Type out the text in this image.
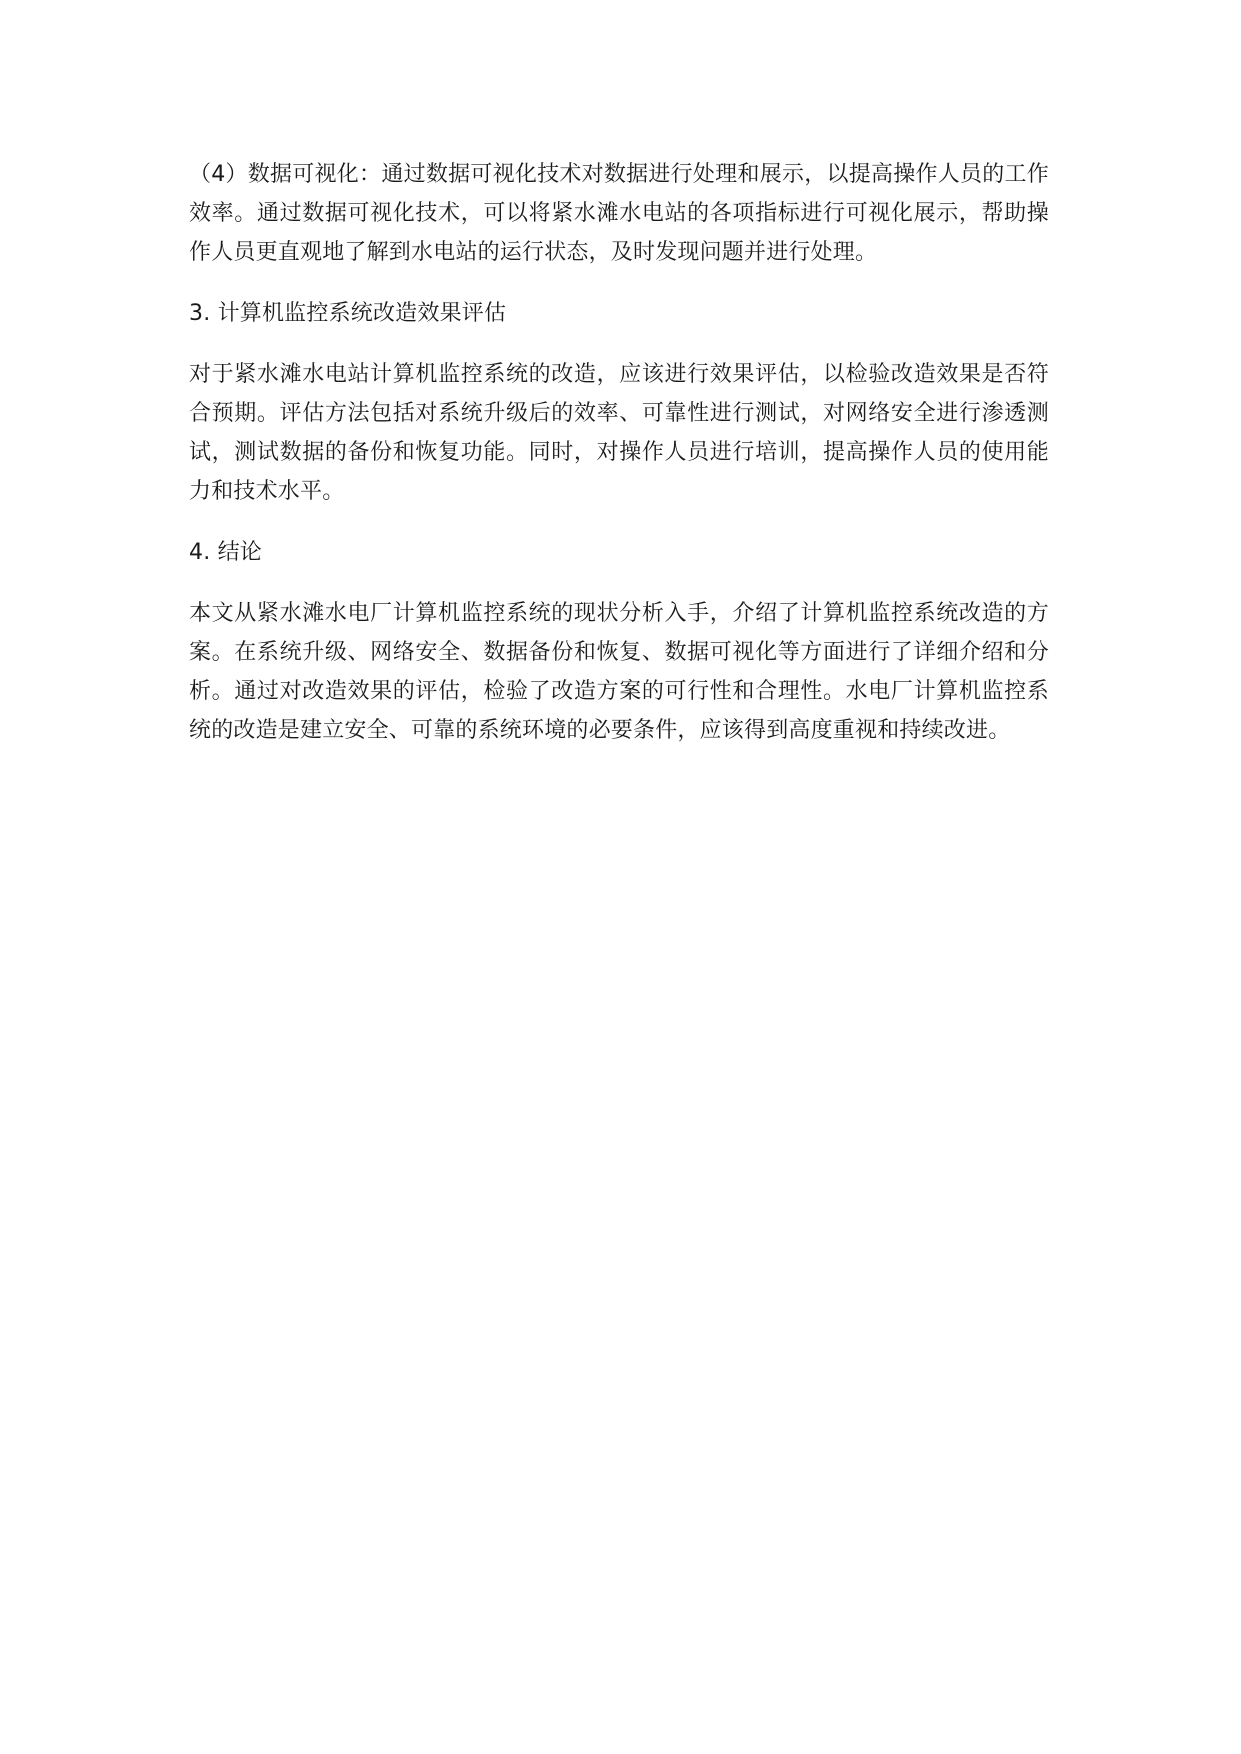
（4）数据可视化：通过数据可视化技术对数据进行处理和展示，以提高操作人员的工作效率。通过数据可视化技术，可以将紧水滩水电站的各项指标进行可视化展示，帮助操作人员更直观地了解到水电站的运行状态，及时发现问题并进行处理。

3. 计算机监控系统改造效果评估

对于紧水滩水电站计算机监控系统的改造，应该进行效果评估，以检验改造效果是否符合预期。评估方法包括对系统升级后的效率、可靠性进行测试，对网络安全进行渗透测试，测试数据的备份和恢复功能。同时，对操作人员进行培训，提高操作人员的使用能力和技术水平。

4. 结论

本文从紧水滩水电厂计算机监控系统的现状分析入手，介绍了计算机监控系统改造的方案。在系统升级、网络安全、数据备份和恢复、数据可视化等方面进行了详细介绍和分析。通过对改造效果的评估，检验了改造方案的可行性和合理性。水电厂计算机监控系统的改造是建立安全、可靠的系统环境的必要条件，应该得到高度重视和持续改进。
